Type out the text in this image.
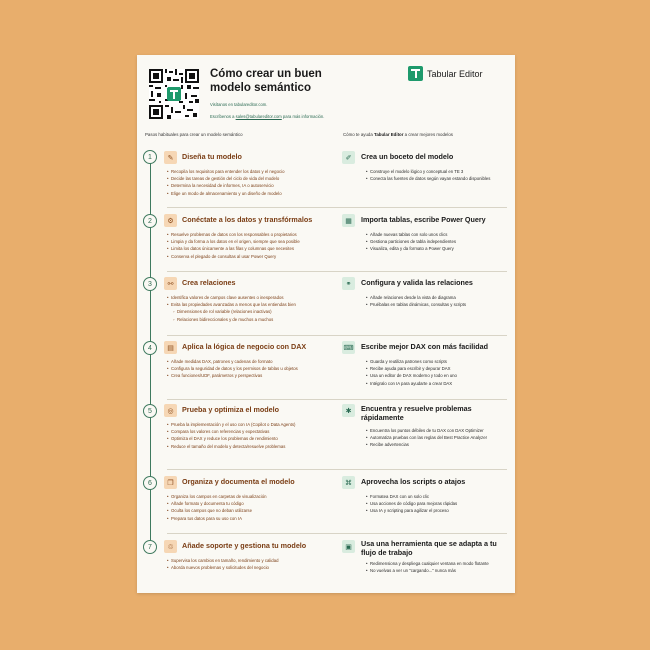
Cómo crear un buen modelo semántico
Visítanos en tabulareditor.com.
Escríbenos a sales@tabulareditor.com para más información.
Tabular Editor
Pasos habituales para crear un modelo semántico	Cómo te ayuda Tabular Editor a crear mejores modelos
1	✎	Diseña tu modelo
• Recopila los requisitos para entender los datos y el negocio
• Decide las tareas de gestión del ciclo de vida del modelo
• Determina la necesidad de informes, IA o autoservicio
• Elige un modo de almacenamiento y un diseño de modelo
✐	Crea un boceto del modelo
• Construye el modelo lógico y conceptual en TE 3
• Conecta las fuentes de datos según vayan estando disponibles
2	⚙	Conéctate a los datos y transfórmalos
• Resuelve problemas de datos con los responsables o propietarios
• Limpia y da forma a los datos en el origen, siempre que sea posible
• Limita los datos únicamente a las filas y columnas que necesites
• Conserva el plegado de consultas al usar Power Query
▦	Importa tablas, escribe Power Query
• Añade nuevas tablas con solo unos clics
• Gestiona particiones de tabla independientes
• Visualiza, edita y da formato a Power Query
3	⚯	Crea relaciones
• Identifica valores de campos clave ausentes o inesperados
• Evita las propiedades avanzadas a menos que las entiendas bien
◦ Dimensiones de rol variable (relaciones inactivas)
◦ Relaciones bidireccionales y de muchos a muchos
⚭	Configura y valida las relaciones
• Añade relaciones desde la vista de diagrama
• Pruébalas en tablas dinámicas, consultas y scripts
4	▤	Aplica la lógica de negocio con DAX
• Añade medidas DAX, patrones y cadenas de formato
• Configura la seguridad de datos y los permisos de tablas u objetos
• Crea funciones/UDF, parámetros y perspectivas
⌨ Escribe mejor DAX con más facilidad
• Guarda y reutiliza patrones como scripts
• Recibe ayuda para escribir y depurar DAX
• Usa un editor de DAX moderno y todo en uno
• Intégralo con IA para ayudarte a crear DAX
5	◎	Prueba y optimiza el modelo
• Prueba la implementación y el uso con IA (Copilot o Data Agents)
• Compara los valores con referencias y expectativas
• Optimiza el DAX y reduce los problemas de rendimiento
• Reduce el tamaño del modelo y detecta/resuelve problemas
✱	Encuentra y resuelve problemas rápidamente
• Encuentra los puntos débiles de tu DAX con DAX Optimizer
• Automatiza pruebas con las reglas del Best Practice Analyzer
• Recibe advertencias
6	❐	Organiza y documenta el modelo
• Organiza los campos en carpetas de visualización
• Añade formato y documenta tu código
• Oculta los campos que no deban utilizarse
• Prepara tus datos para su uso con IA
⌘	Aprovecha los scripts o atajos
• Formatea DAX con un solo clic
• Usa acciones de código para mejoras rápidas
• Usa IA y scripting para agilizar el proceso
7	♲	Añade soporte y gestiona tu modelo
• Supervisa los cambios en tamaño, rendimiento y calidad
• Aborda nuevos problemas y solicitudes del negocio
▣	Usa una herramienta que se adapta a tu flujo de trabajo
• Redimensiona y despliega cualquier ventana en modo flotante
• No vuelvas a ver un "cargando..." nunca más
